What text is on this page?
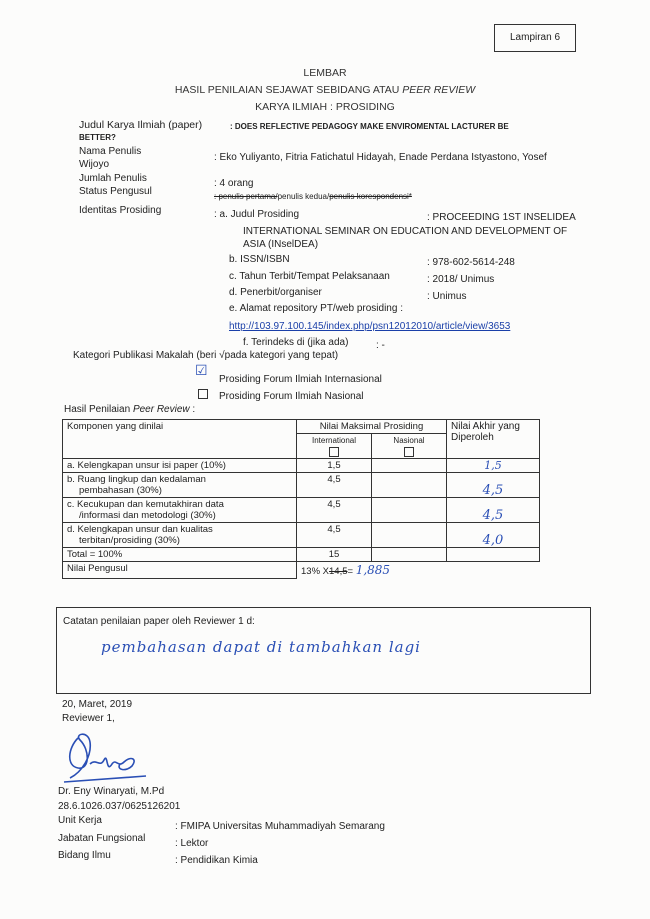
Lampiran 6
LEMBAR
HASIL PENILAIAN SEJAWAT SEBIDANG ATAU PEER REVIEW
KARYA ILMIAH : PROSIDING
Judul Karya Ilmiah (paper)	: DOES REFLECTIVE PEDAGOGY MAKE ENVIROMENTAL LACTURER BE
BETTER?
Nama Penulis
: Eko Yuliyanto, Fitria Fatichatul Hidayah, Enade Perdana Istyastono, Yosef
Wijoyo
Jumlah Penulis	: 4 orang
Status Pengusul	: penulis pertama/penulis kedua/penulis korespondensi*
Identitas Prosiding	: a. Judul Prosiding	: PROCEEDING 1ST INSELIDEA
INTERNATIONAL SEMINAR ON EDUCATION AND DEVELOPMENT OF
ASIA (INselDEA)
b. ISSN/ISBN	: 978-602-5614-248
c. Tahun Terbit/Tempat Pelaksanaan	: 2018/ Unimus
d. Penerbit/organiser	: Unimus
e. Alamat repository PT/web prosiding :
http://103.97.100.145/index.php/psn12012010/article/view/3653
f. Terindeks di (jika ada)	: -
Kategori Publikasi Makalah (beri √pada kategori yang tepat)
☑
Prosiding Forum Ilmiah Internasional
Prosiding Forum Ilmiah Nasional
Hasil Penilaian Peer Review :
Komponen yang dinilai	Nilai Maksimal Prosiding		Nilai Akhir yang Diperoleh

	International	Nasional	

a. Kelengkapan unsur isi paper (10%)	1,5		1,5

b. Ruang lingkup dan kedalaman
pembahasan (30%)	4,5		4,5

c. Kecukupan dan kemutakhiran data
/informasi dan metodologi (30%)	4,5		4,5

d. Kelengkapan unsur dan kualitas
terbitan/prosiding (30%)	4,5		4,0
Total = 100%	15		
Nilai Pengusul	13% X14,5= 1,885		
Catatan penilaian paper oleh Reviewer 1 d:
pembahasan dapat di tambahkan lagi
20, Maret, 2019
Reviewer 1,
Dr. Eny Winaryati, M.Pd
28.6.1026.037/0625126201
Unit Kerja
: FMIPA Universitas Muhammadiyah Semarang
Jabatan Fungsional	: Lektor
Bidang Ilmu	: Pendidikan Kimia
